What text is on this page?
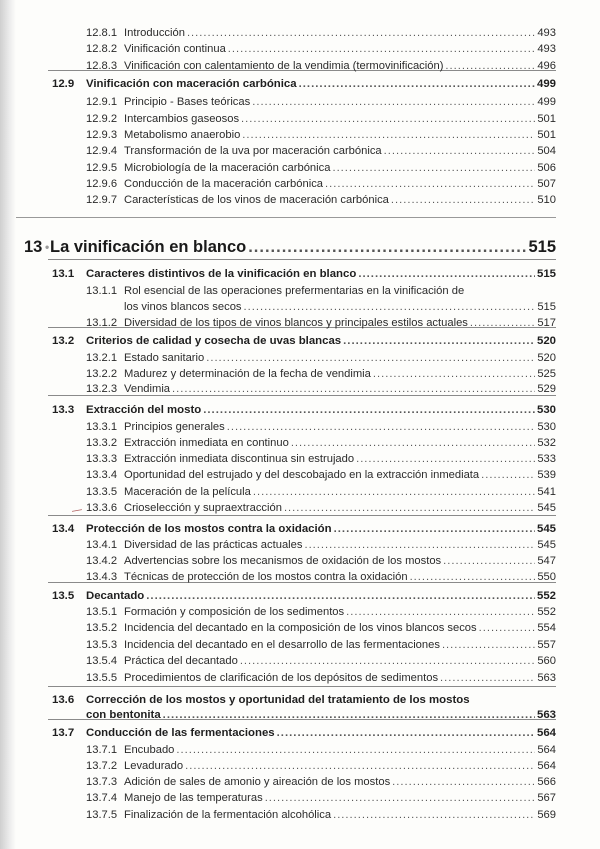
12.8.1 Introducción .....	493
12.8.2 Vinificación continua .....	493
12.8.3 Vinificación con calentamiento de la vendimia (termovinificación) .....	496
12.9 Vinificación con maceración carbónica .....	499
12.9.1 Principio - Bases teóricas .....	499
12.9.2 Intercambios gaseosos .....	501
12.9.3 Metabolismo anaerobio .....	501
12.9.4 Transformación de la uva por maceración carbónica .....	504
12.9.5 Microbiología de la maceración carbónica .....	506
12.9.6 Conducción de la maceración carbónica .....	507
12.9.7 Características de los vinos de maceración carbónica .....	510
13 • La vinificación en blanco .....	515
13.1 Caracteres distintivos de la vinificación en blanco .....	515
13.1.1 Rol esencial de las operaciones prefermentarias en la vinificación de
los vinos blancos secos .....	515
13.1.2 Diversidad de los tipos de vinos blancos y principales estilos actuales .....	517
13.2 Criterios de calidad y cosecha de uvas blancas .....	520
13.2.1 Estado sanitario .....	520
13.2.2 Madurez y determinación de la fecha de vendimia .....	525
13.2.3 Vendimia .....	529
13.3 Extracción del mosto .....	530
13.3.1 Principios generales .....	530
13.3.2 Extracción inmediata en continuo .....	532
13.3.3 Extracción inmediata discontinua sin estrujado .....	533
13.3.4 Oportunidad del estrujado y del descobajado en la extracción inmediata .....	539
13.3.5 Maceración de la película .....	541
13.3.6 Crioselección y supraextracción .....	545
13.4 Protección de los mostos contra la oxidación .....	545
13.4.1 Diversidad de las prácticas actuales .....	545
13.4.2 Advertencias sobre los mecanismos de oxidación de los mostos .....	547
13.4.3 Técnicas de protección de los mostos contra la oxidación .....	550
13.5 Decantado .....	552
13.5.1 Formación y composición de los sedimentos .....	552
13.5.2 Incidencia del decantado en la composición de los vinos blancos secos .....	554
13.5.3 Incidencia del decantado en el desarrollo de las fermentaciones .....	557
13.5.4 Práctica del decantado .....	560
13.5.5 Procedimientos de clarificación de los depósitos de sedimentos .....	563
13.6 Corrección de los mostos y oportunidad del tratamiento de los mostos
con bentonita .....	563
13.7 Conducción de las fermentaciones .....	564
13.7.1 Encubado .....	564
13.7.2 Levadurado .....	564
13.7.3 Adición de sales de amonio y aireación de los mostos .....	566
13.7.4 Manejo de las temperaturas .....	567
13.7.5 Finalización de la fermentación alcohólica .....	569
—
